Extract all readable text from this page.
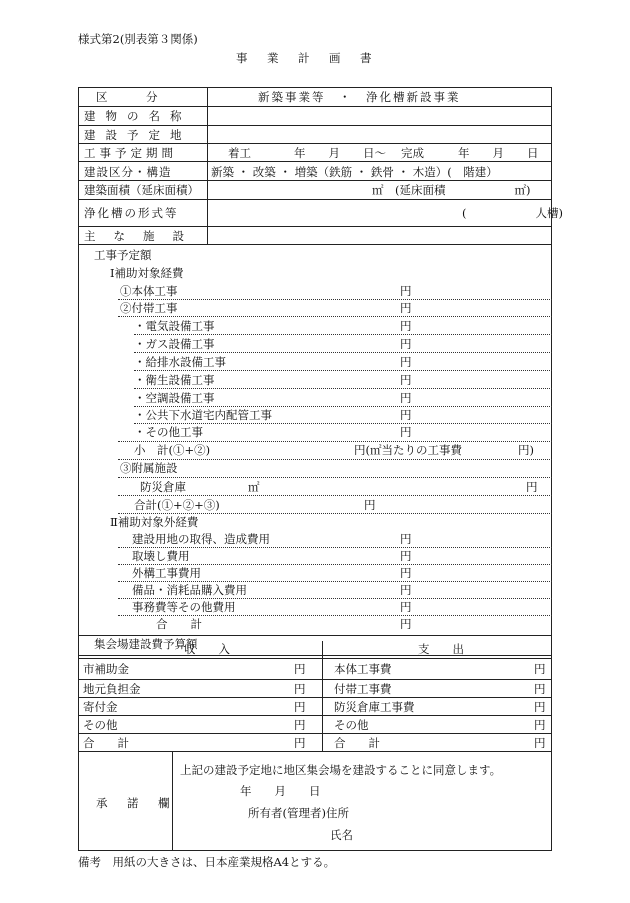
様式第2(別表第３関係)
事　業　計　画　書
区　　　分	新築事業等　・　浄化槽新設事業
建物の名称
建設予定地
工事予定期間	着工	年　　月　　日～ 完成	年　　月　　日
建設区分・構造	新築 ・ 改築 ・ 増築（鉄筋 ・ 鉄骨 ・ 木造）(　階建）
建築面積（延床面積）	㎡　(延床面積　　　　　　㎡)
浄化槽の形式等	(　　　　　　人槽)
主な施設
工事予定額
Ⅰ補助対象経費
①本体工事	円
②付帯工事	円
・電気設備工事	円
・ガス設備工事	円
・給排水設備工事	円
・衛生設備工事	円
・空調設備工事	円
・公共下水道宅内配管工事	円
・その他工事	円
小　計(①+②)	円(㎡当たりの工事費	円)
③附属施設
防災倉庫	㎡	円
合計(①+②+③)	円
Ⅱ補助対象外経費
建設用地の取得、造成費用	円
取壊し費用	円
外構工事費用	円
備品・消耗品購入費用	円
事務費等その他費用	円
合　　計	円
集会場建設費予算額
収　　入	支　　出
市補助金	円 本体工事費	円
地元負担金	円 付帯工事費	円
寄付金	円 防災倉庫工事費	円
その他	円 その他	円
合　　計	円 合　　計	円
承　諾　欄
上記の建設予定地に地区集会場を建設することに同意します。
年　　月　　日
所有者(管理者)住所
氏名
備考　用紙の大きさは、日本産業規格A4とする。
